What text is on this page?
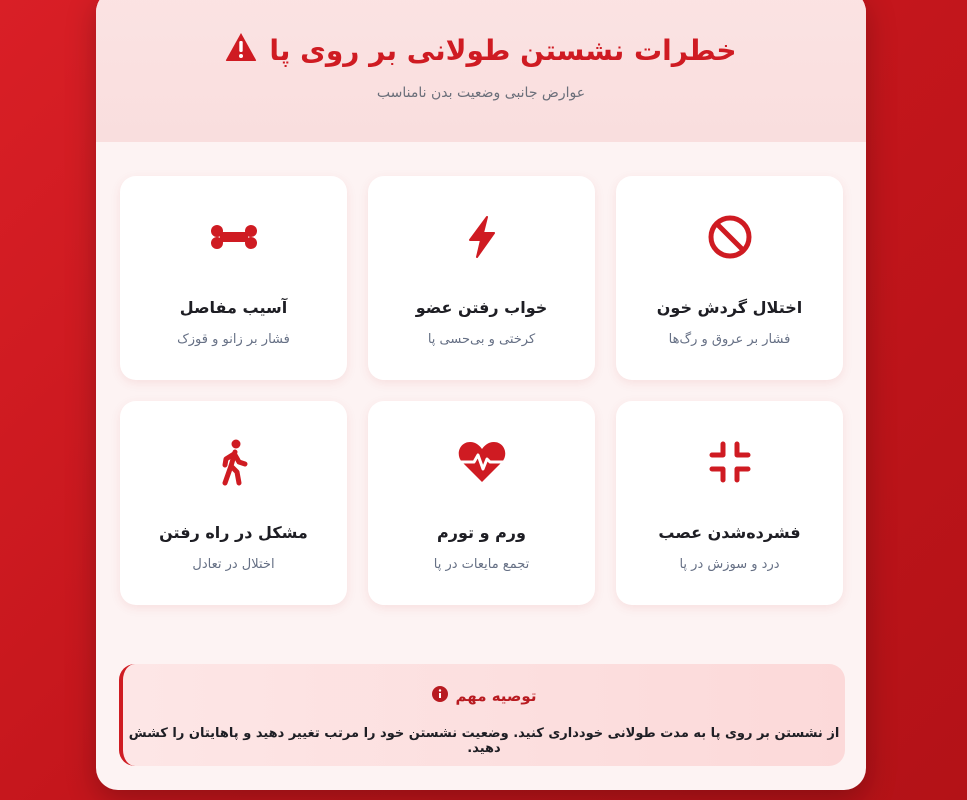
خطرات نشستن طولانی بر روی پا
عوارض جانبی وضعیت بدن نامناسب
اختلال گردش خون
فشار بر عروق و رگ‌ها
خواب رفتن عضو
کرختی و بی‌حسی پا
آسیب مفاصل
فشار بر زانو و قوزک
فشرده‌شدن عصب
درد و سوزش در پا
ورم و تورم
تجمع مایعات در پا
مشکل در راه رفتن
اختلال در تعادل
توصیه مهم
از نشستن بر روی پا به مدت طولانی خودداری کنید. وضعیت نشستن خود را مرتب تغییر دهید و پاهایتان را کشش دهید.
